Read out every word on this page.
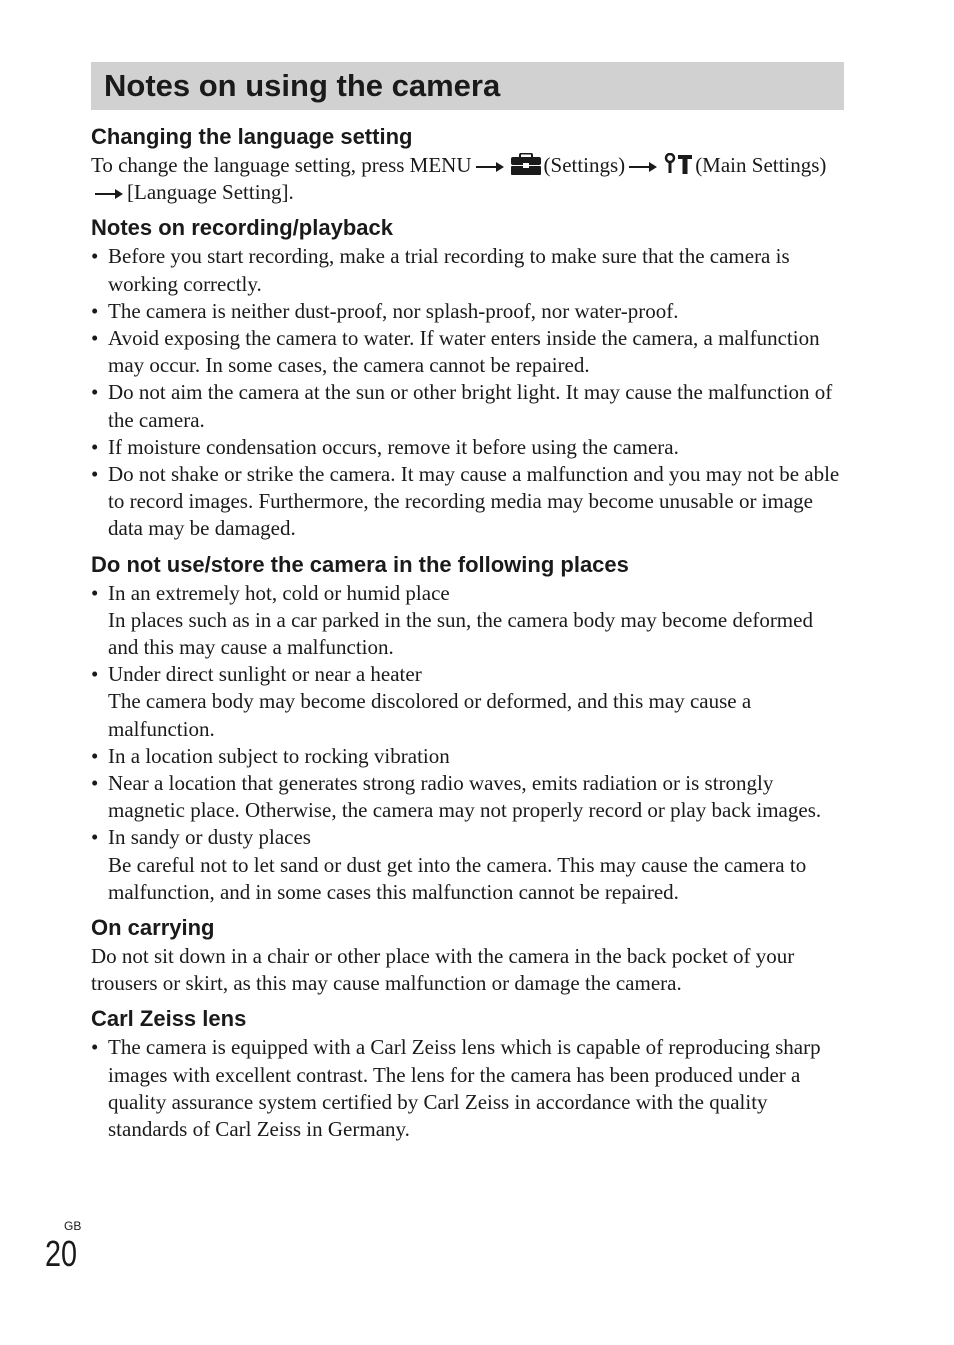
Notes on using the camera
Changing the language setting

To change the language setting, press MENU	(Settings)	(Main Settings)[Language Setting].

Notes on recording/playback
• Before you start recording, make a trial recording to make sure that the camera is working correctly.
• The camera is neither dust-proof, nor splash-proof, nor water-proof.
• Avoid exposing the camera to water. If water enters inside the camera, a malfunction may occur. In some cases, the camera cannot be repaired.
• Do not aim the camera at the sun or other bright light. It may cause the malfunction of the camera.
• If moisture condensation occurs, remove it before using the camera.
• Do not shake or strike the camera. It may cause a malfunction and you may not be able to record images. Furthermore, the recording media may become unusable or image data may be damaged.
Do not use/store the camera in the following places
• In an extremely hot, cold or humid place
In places such as in a car parked in the sun, the camera body may become deformed and this may cause a malfunction.
• Under direct sunlight or near a heater
The camera body may become discolored or deformed, and this may cause a malfunction.
• In a location subject to rocking vibration
• Near a location that generates strong radio waves, emits radiation or is strongly magnetic place. Otherwise, the camera may not properly record or play back images.
• In sandy or dusty places
Be careful not to let sand or dust get into the camera. This may cause the camera to malfunction, and in some cases this malfunction cannot be repaired.
On carrying

Do not sit down in a chair or other place with the camera in the back pocket of your trousers or skirt, as this may cause malfunction or damage the camera.

Carl Zeiss lens
• The camera is equipped with a Carl Zeiss lens which is capable of reproducing sharp images with excellent contrast. The lens for the camera has been produced under a quality assurance system certified by Carl Zeiss in accordance with the quality standards of Carl Zeiss in Germany.
GB
20
